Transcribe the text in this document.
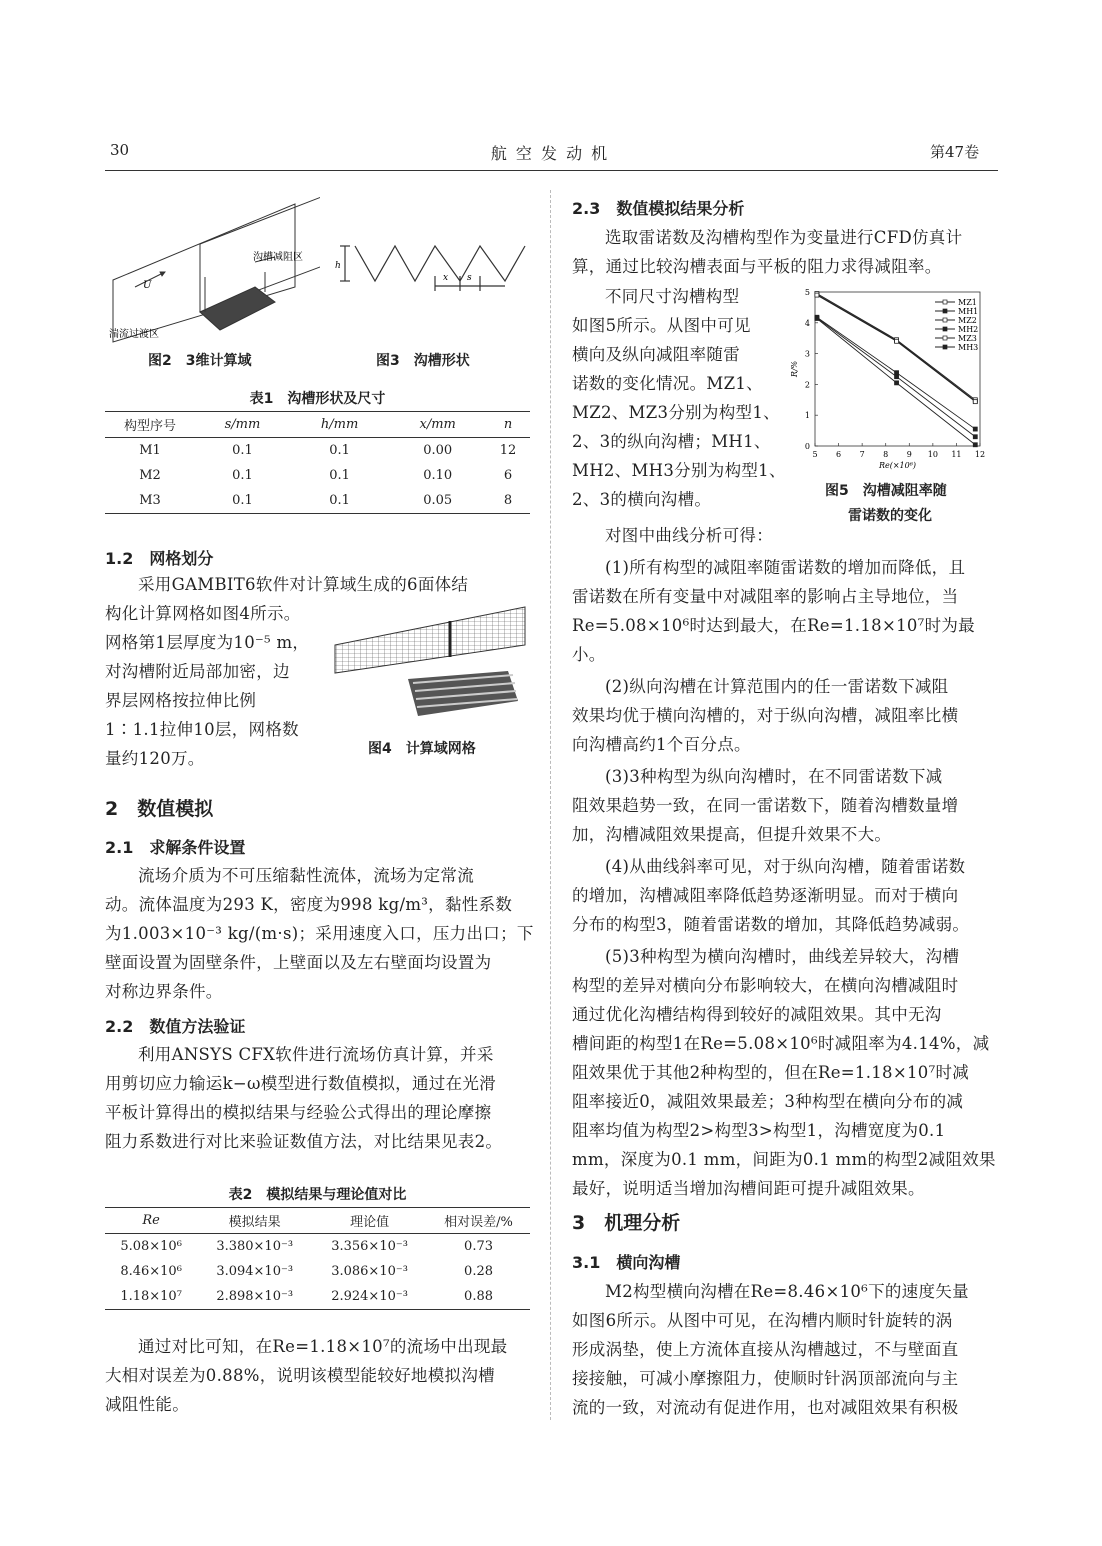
30	航 空 发 动 机	第47卷
U
沟槽减阻区
湍流过渡区
图2　3维计算域
h
x s
图3　沟槽形状
表1　沟槽形状及尺寸
构型序号	s/mm	h/mm	x/mm	n
M1	0.1	0.1	0.00	12
M2	0.1	0.1	0.10	6
M3	0.1	0.1	0.05	8
1.2　网格划分

采用GAMBIT6软件对计算域生成的6面体结

构化计算网格如图4所示。

网格第1层厚度为10⁻⁵ m，

对沟槽附近局部加密，边

界层网格按拉伸比例

1∶1.1拉伸10层，网格数

量约120万。	图4　计算域网格
2　数值模拟
2.1　求解条件设置

流场介质为不可压缩黏性流体，流场为定常流

动。流体温度为293 K，密度为998 kg/m³，黏性系数

为1.003×10⁻³ kg/(m·s)；采用速度入口，压力出口；下

壁面设置为固壁条件，上壁面以及左右壁面均设置为

对称边界条件。

2.2　数值方法验证

利用ANSYS CFX软件进行流场仿真计算，并采

用剪切应力输运k−ω模型进行数值模拟，通过在光滑

平板计算得出的模拟结果与经验公式得出的理论摩擦

阻力系数进行对比来验证数值方法，对比结果见表2。

表2　模拟结果与理论值对比
Re	模拟结果	理论值	相对误差/%
5.08×10⁶	3.380×10⁻³	3.356×10⁻³	0.73
8.46×10⁶	3.094×10⁻³	3.086×10⁻³	0.28
1.18×10⁷	2.898×10⁻³	2.924×10⁻³	0.88

通过对比可知，在Re=1.18×10⁷的流场中出现最

大相对误差为0.88%，说明该模型能较好地模拟沟槽

减阻性能。

2.3　数值模拟结果分析

选取雷诺数及沟槽构型作为变量进行CFD仿真计

算，通过比较沟槽表面与平板的阻力求得减阻率。

不同尺寸沟槽构型

如图5所示。从图中可见

横向及纵向减阻率随雷

诺数的变化情况。MZ1、

MZ2、MZ3分别为构型1、

2、3的纵向沟槽；MH1、

MH2、MH3分别为构型1、

2、3的横向沟槽。

5 6 7 8 9 10 11 12
0
1
2
3
4
5
Re(×10⁶)
R/%
MZ1
MH1
MZ2
MH2
MZ3
MH3
图5　沟槽减阻率随
雷诺数的变化

对图中曲线分析可得：

(1)所有构型的减阻率随雷诺数的增加而降低，且

雷诺数在所有变量中对减阻率的影响占主导地位，当

Re=5.08×10⁶时达到最大，在Re=1.18×10⁷时为最小。

(2)纵向沟槽在计算范围内的任一雷诺数下减阻

效果均优于横向沟槽的，对于纵向沟槽，减阻率比横

向沟槽高约1个百分点。

(3)3种构型为纵向沟槽时，在不同雷诺数下减

阻效果趋势一致，在同一雷诺数下，随着沟槽数量增

加，沟槽减阻效果提高，但提升效果不大。

(4)从曲线斜率可见，对于纵向沟槽，随着雷诺数

的增加，沟槽减阻率降低趋势逐渐明显。而对于横向

分布的构型3，随着雷诺数的增加，其降低趋势减弱。

(5)3种构型为横向沟槽时，曲线差异较大，沟槽

构型的差异对横向分布影响较大，在横向沟槽减阻时

通过优化沟槽结构得到较好的减阻效果。其中无沟

槽间距的构型1在Re=5.08×10⁶时减阻率为4.14%，减

阻效果优于其他2种构型的，但在Re=1.18×10⁷时减

阻率接近0，减阻效果最差；3种构型在横向分布的减

阻率均值为构型2>构型3>构型1，沟槽宽度为0.1

mm，深度为0.1 mm，间距为0.1 mm的构型2减阻效果

最好，说明适当增加沟槽间距可提升减阻效果。

3　机理分析
3.1　横向沟槽

M2构型横向沟槽在Re=8.46×10⁶下的速度矢量

如图6所示。从图中可见，在沟槽内顺时针旋转的涡

形成涡垫，使上方流体直接从沟槽越过，不与壁面直

接接触，可减小摩擦阻力，使顺时针涡顶部流向与主

流的一致，对流动有促进作用，也对减阻效果有积极
